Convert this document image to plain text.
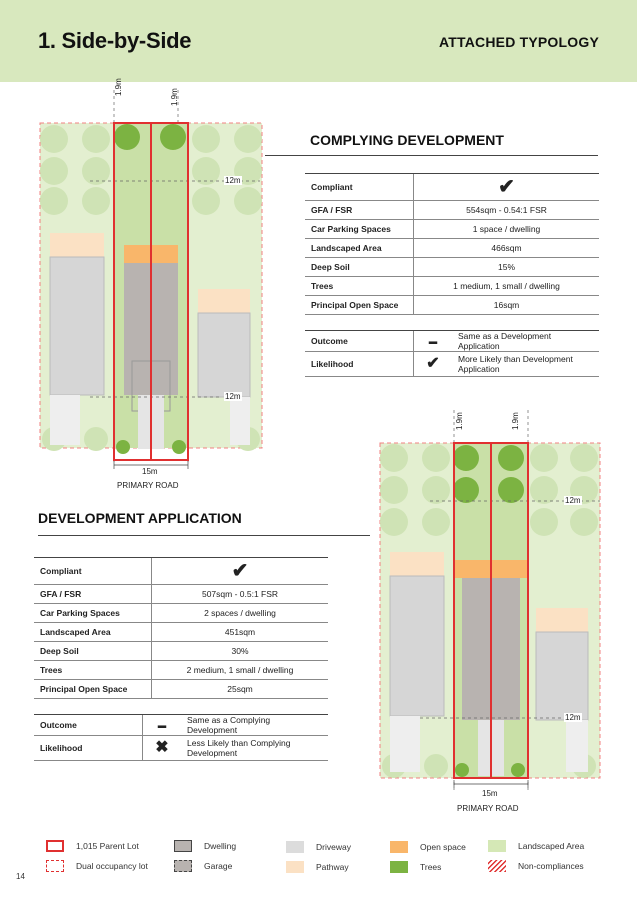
1. Side-by-Side	ATTACHED TYPOLOGY
1.9m
1.9m
12m
12m
15m
PRIMARY ROAD
COMPLYING DEVELOPMENT
Compliant	✔
GFA / FSR	554sqm - 0.54:1 FSR
Car Parking Spaces	1 space / dwelling
Landscaped Area	466sqm
Deep Soil	15%
Trees	1 medium, 1 small / dwelling
Principal Open Space	16sqm
Outcome	▬	Same as a Development Application
Likelihood	✔	More Likely than Development Application
DEVELOPMENT APPLICATION
Compliant	✔
GFA / FSR	507sqm - 0.5:1 FSR
Car Parking Spaces	2 spaces / dwelling
Landscaped Area	451sqm
Deep Soil	30%
Trees	2 medium, 1 small / dwelling
Principal Open Space	25sqm
Outcome	▬	Same as a Complying Development
Likelihood	✖	Less Likely than Complying Development
1.9m	1.9m
12m
12m
15m
PRIMARY ROAD
1,015 Parent Lot
Dual occupancy lot
Dwelling
Garage
Driveway
Pathway
Open space
Trees
Landscaped Area
Non-compliances
14
